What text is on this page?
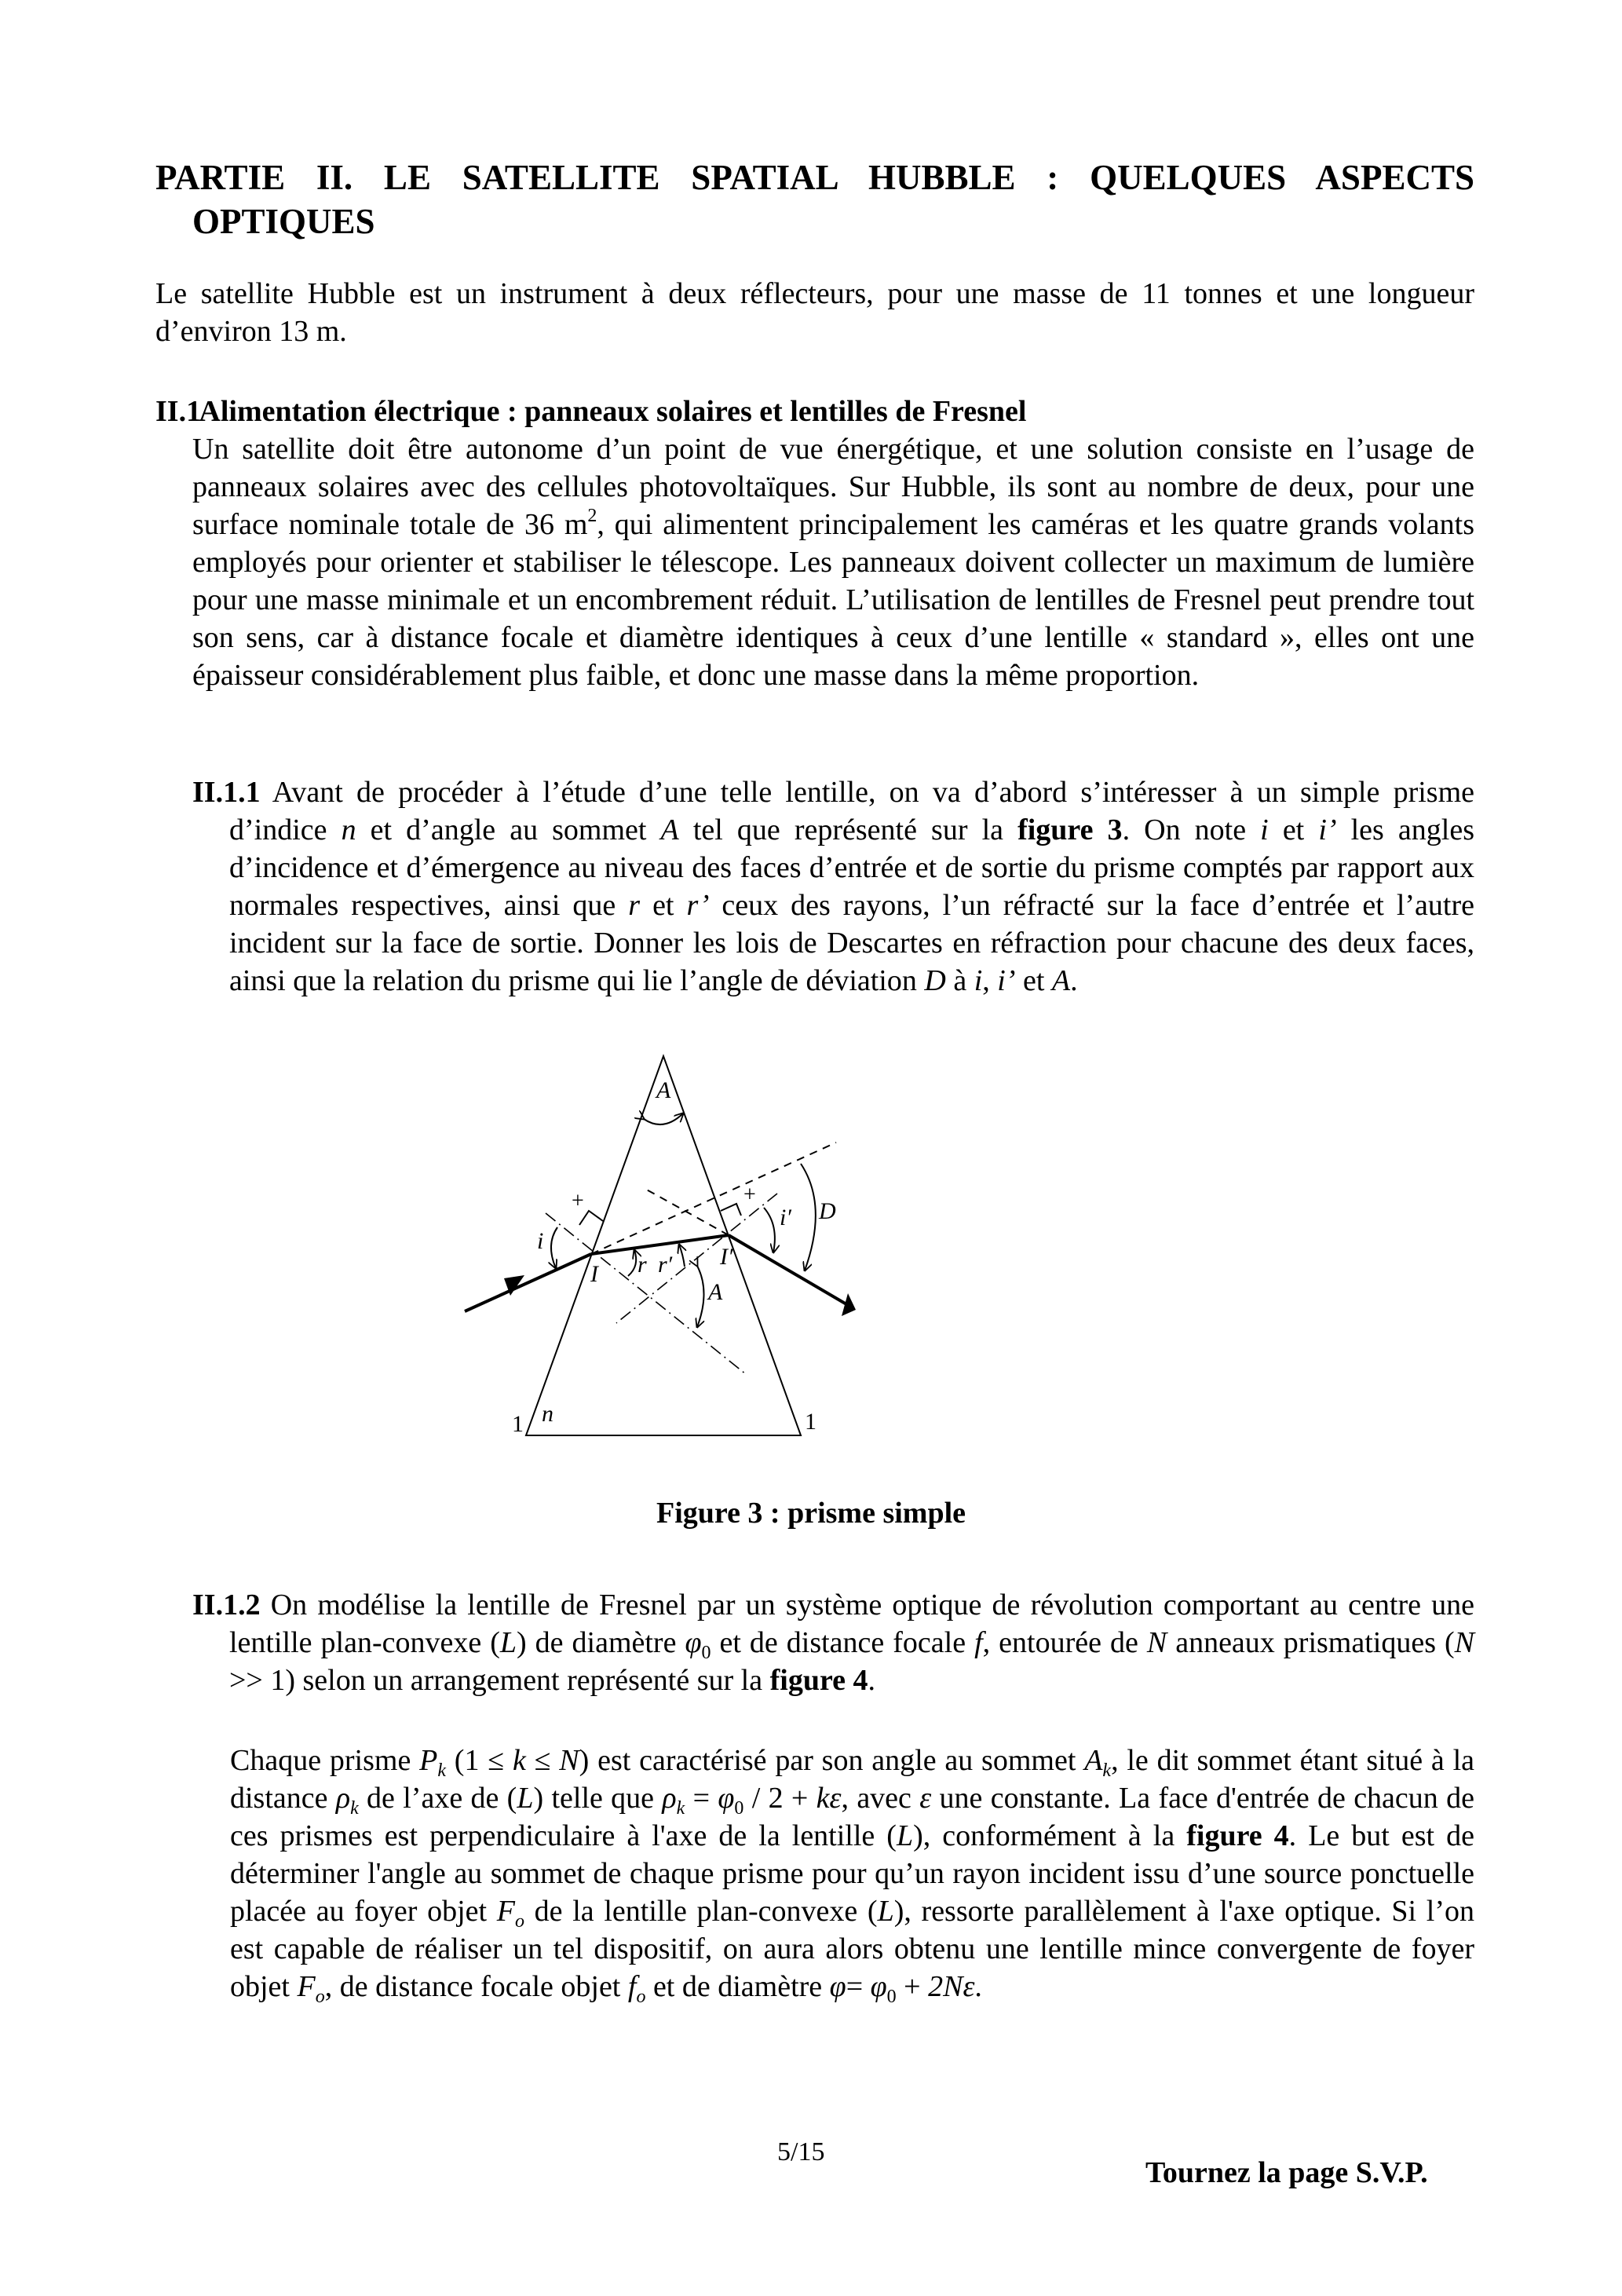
PARTIE II. LE SATELLITE SPATIAL HUBBLE : QUELQUES ASPECTS
OPTIQUES
Le satellite Hubble est un instrument à deux réflecteurs, pour une masse de 11 tonnes et une longueur d’environ 13 m.
II.1 Alimentation électrique : panneaux solaires et lentilles de Fresnel
Un satellite doit être autonome d’un point de vue énergétique, et une solution consiste en l’usage de panneaux solaires avec des cellules photovoltaïques. Sur Hubble, ils sont au nombre de deux, pour une surface nominale totale de 36 $m^2$, qui alimentent principalement les caméras et les quatre grands volants employés pour orienter et stabiliser le télescope. Les panneaux doivent collecter un maximum de lumière pour une masse minimale et un encombrement réduit. L’utilisation de lentilles de Fresnel peut prendre tout son sens, car à distance focale et diamètre identiques à ceux d’une lentille « standard », elles ont une épaisseur considérablement plus faible, et donc une masse dans la même proportion.
II.1.1 Avant de procéder à l’étude d’une telle lentille, on va d’abord s’intéresser à un simple prisme d’indice n et d’angle au sommet A tel que représenté sur la figure 3. On note i et i’ les angles d’incidence et d’émergence au niveau des faces d’entrée et de sortie du prisme comptés par rapport aux normales respectives, ainsi que r et r’ ceux des rayons, l’un réfracté sur la face d’entrée et l’autre incident sur la face de sortie. Donner les lois de Descartes en réfraction pour chacune des deux faces, ainsi que la relation du prisme qui lie l’angle de déviation D à i, i’ et A.
A
+	+
i
I r r′ I′
A
i′ D
n
1	1
Figure 3 : prisme simple
II.1.2 On modélise la lentille de Fresnel par un système optique de révolution comportant au centre une lentille plan-convexe (L) de diamètre $\varphi_0$ et de distance focale f, entourée de N anneaux prismatiques (N >> 1) selon un arrangement représenté sur la figure 4.
Chaque prisme $P_k$ (1 ≤ k ≤ N) est caractérisé par son angle au sommet $A_k$, le dit sommet étant situé à la distance $\rho_k$ de l’axe de (L) telle que $\rho_k = \varphi_0 / 2 + k\varepsilon$, avec ε une constante. La face d'entrée de chacun de ces prismes est perpendiculaire à l'axe de la lentille (L), conformément à la figure 4. Le but est de déterminer l'angle au sommet de chaque prisme pour qu’un rayon incident issu d’une source ponctuelle placée au foyer objet $F_o$ de la lentille plan-convexe (L), ressorte parallèlement à l'axe optique. Si l’on est capable de réaliser un tel dispositif, on aura alors obtenu une lentille mince convergente de foyer objet $F_o$, de distance focale objet $f_o$ et de diamètre $\varphi= \varphi_0 + 2N\varepsilon$.
5/15
Tournez la page S.V.P.
